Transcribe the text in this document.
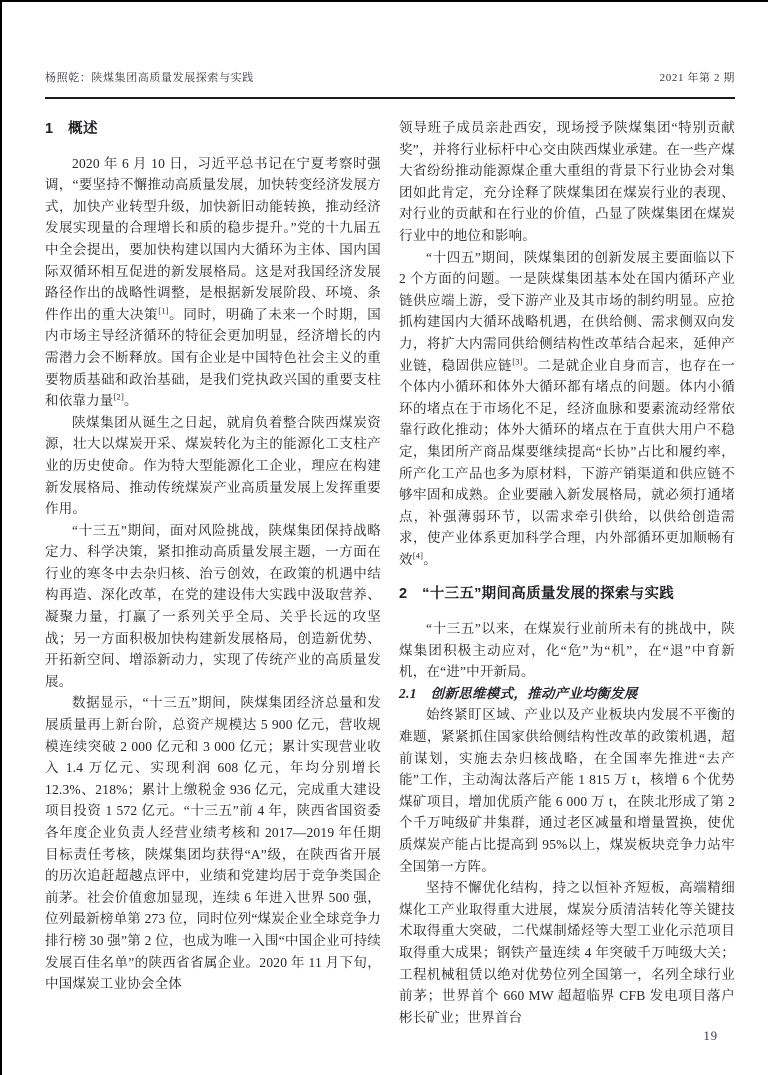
杨照乾：陕煤集团高质量发展探索与实践	2021 年第 2 期
1　概述

2020 年 6 月 10 日，习近平总书记在宁夏考察时强调，“要坚持不懈推动高质量发展，加快转变经济发展方式，加快产业转型升级，加快新旧动能转换，推动经济发展实现量的合理增长和质的稳步提升。”党的十九届五中全会提出，要加快构建以国内大循环为主体、国内国际双循环相互促进的新发展格局。这是对我国经济发展路径作出的战略性调整，是根据新发展阶段、环境、条件作出的重大决策[1]。同时，明确了未来一个时期，国内市场主导经济循环的特征会更加明显，经济增长的内需潜力会不断释放。国有企业是中国特色社会主义的重要物质基础和政治基础，是我们党执政兴国的重要支柱和依靠力量[2]。

陕煤集团从诞生之日起，就肩负着整合陕西煤炭资源，壮大以煤炭开采、煤炭转化为主的能源化工支柱产业的历史使命。作为特大型能源化工企业，理应在构建新发展格局、推动传统煤炭产业高质量发展上发挥重要作用。

“十三五”期间，面对风险挑战，陕煤集团保持战略定力、科学决策，紧扣推动高质量发展主题，一方面在行业的寒冬中去杂归核、治亏创效，在政策的机遇中结构再造、深化改革，在党的建设伟大实践中汲取营养、凝聚力量，打赢了一系列关乎全局、关乎长远的攻坚战；另一方面积极加快构建新发展格局，创造新优势、开拓新空间、增添新动力，实现了传统产业的高质量发展。

数据显示，“十三五”期间，陕煤集团经济总量和发展质量再上新台阶，总资产规模达 5 900 亿元，营收规模连续突破 2 000 亿元和 3 000 亿元；累计实现营业收入 1.4 万亿元、实现利润 608 亿元，年均分别增长 12.3%、218%；累计上缴税金 936 亿元，完成重大建设项目投资 1 572 亿元。“十三五”前 4 年，陕西省国资委各年度企业负责人经营业绩考核和 2017—2019 年任期目标责任考核，陕煤集团均获得“A”级，在陕西省开展的历次追赶超越点评中，业绩和党建均居于竞争类国企前茅。社会价值愈加显现，连续 6 年进入世界 500 强，位列最新榜单第 273 位，同时位列“煤炭企业全球竞争力排行榜 30 强”第 2 位，也成为唯一入围“中国企业可持续发展百佳名单”的陕西省省属企业。2020 年 11 月下旬，中国煤炭工业协会全体

领导班子成员亲赴西安，现场授予陕煤集团“特别贡献奖”，并将行业标杆中心交由陕西煤业承建。在一些产煤大省纷纷推动能源煤企重大重组的背景下行业协会对集团如此肯定，充分诠释了陕煤集团在煤炭行业的表现、对行业的贡献和在行业的价值，凸显了陕煤集团在煤炭行业中的地位和影响。

“十四五”期间，陕煤集团的创新发展主要面临以下 2 个方面的问题。一是陕煤集团基本处在国内循环产业链供应端上游，受下游产业及其市场的制约明显。应抢抓构建国内大循环战略机遇，在供给侧、需求侧双向发力，将扩大内需同供给侧结构性改革结合起来，延伸产业链，稳固供应链[3]。二是就企业自身而言，也存在一个体内小循环和体外大循环都有堵点的问题。体内小循环的堵点在于市场化不足，经济血脉和要素流动经常依靠行政化推动；体外大循环的堵点在于直供大用户不稳定，集团所产商品煤要继续提高“长协”占比和履约率，所产化工产品也多为原材料，下游产销渠道和供应链不够牢固和成熟。企业要融入新发展格局，就必须打通堵点，补强薄弱环节，以需求牵引供给，以供给创造需求，使产业体系更加科学合理，内外部循环更加顺畅有效[4]。

2　“十三五”期间高质量发展的探索与实践

“十三五”以来，在煤炭行业前所未有的挑战中，陕煤集团积极主动应对，化“危”为“机”，在“退”中育新机，在“进”中开新局。

2.1　创新思维模式，推动产业均衡发展

始终紧盯区域、产业以及产业板块内发展不平衡的难题，紧紧抓住国家供给侧结构性改革的政策机遇，超前谋划，实施去杂归核战略，在全国率先推进“去产能”工作，主动淘汰落后产能 1 815 万 t，核增 6 个优势煤矿项目，增加优质产能 6 000 万 t，在陕北形成了第 2 个千万吨级矿井集群，通过老区减量和增量置换，使优质煤炭产能占比提高到 95%以上，煤炭板块竞争力站牢全国第一方阵。

坚持不懈优化结构，持之以恒补齐短板，高端精细煤化工产业取得重大进展，煤炭分质清洁转化等关键技术取得重大突破，二代煤制烯烃等大型工业化示范项目取得重大成果；钢铁产量连续 4 年突破千万吨级大关；工程机械租赁以绝对优势位列全国第一，名列全球行业前茅；世界首个 660 MW 超超临界 CFB 发电项目落户彬长矿业；世界首台

19
